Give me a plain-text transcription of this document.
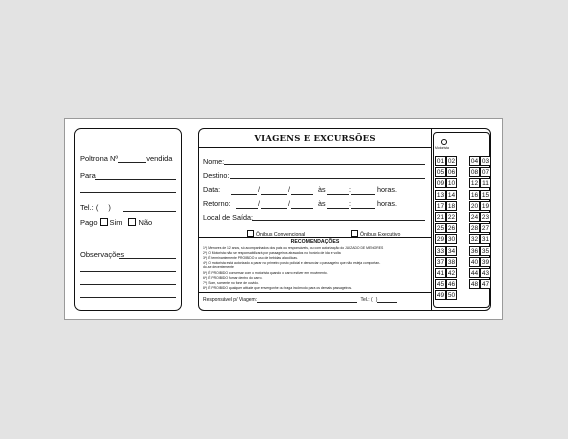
Poltrona Nº	vendida
Para
Tel.: ( )
Pago Sim Não
Observações
VIAGENS E EXCURSÕES
Nome:
Destino:
Data:	/	/	às	:	horas.
Retorno:	/	/	às	:	horas.
Local de Saída:
Ônibus Convencional	Ônibus Executivo
RECOMENDAÇÕES
1º) Menores de 12 anos, só acompanhados dos pais ou responsáveis, ou com autorização do JUIZADO DE MENORES
2º) O Motorista não se responsabilizará por passageiros atrasados no horário de ida e volta
3º) É terminantemente PROIBIDO o uso de bebidas alcoólicas.
4º) O motorista está autorizado a parar no primeiro posto policial e denunciar o passageiro que não esteja comportan-
do-se decentemente
5º) É PROIBIDO conversar com o motorista quando o carro estiver em movimento.
6º) É PROIBIDO fumar dentro do carro.
7º) Som, somente no fone de ouvido.
8º) É PROIBIDO qualquer atitude que envergonhe ou traga incômodo para os demais passageiros.
Responsável p/ Viagem:	Tel.: ( )
Motorista
01 02 04 03
05 06 08 07
09 10 12 11
13 14 16 15
17 18 20 19
21 22 24 23
25 26 28 27
29 30 32 31
33 34 36 35
37 38 40 39
41 42 44 43
45 46 48 47
49 50
